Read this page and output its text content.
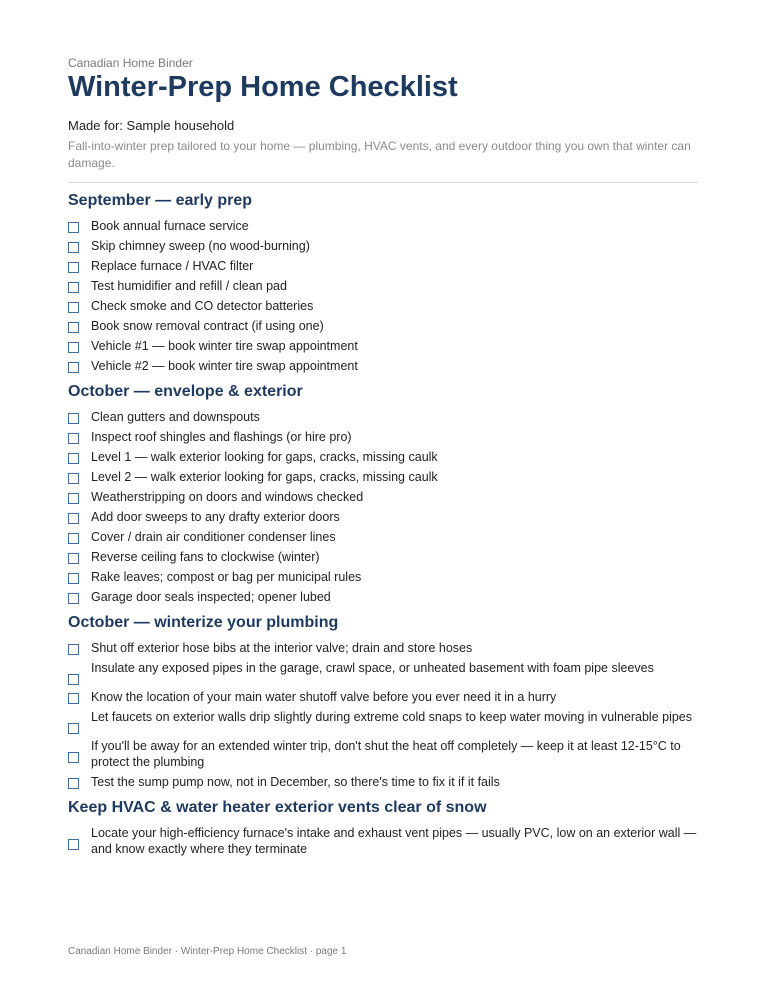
Canadian Home Binder
Winter-Prep Home Checklist
Made for: Sample household
Fall-into-winter prep tailored to your home — plumbing, HVAC vents, and every outdoor thing you own that winter can damage.
September — early prep
Book annual furnace service
Skip chimney sweep (no wood-burning)
Replace furnace / HVAC filter
Test humidifier and refill / clean pad
Check smoke and CO detector batteries
Book snow removal contract (if using one)
Vehicle #1 — book winter tire swap appointment
Vehicle #2 — book winter tire swap appointment
October — envelope & exterior
Clean gutters and downspouts
Inspect roof shingles and flashings (or hire pro)
Level 1 — walk exterior looking for gaps, cracks, missing caulk
Level 2 — walk exterior looking for gaps, cracks, missing caulk
Weatherstripping on doors and windows checked
Add door sweeps to any drafty exterior doors
Cover / drain air conditioner condenser lines
Reverse ceiling fans to clockwise (winter)
Rake leaves; compost or bag per municipal rules
Garage door seals inspected; opener lubed
October — winterize your plumbing
Shut off exterior hose bibs at the interior valve; drain and store hoses
Insulate any exposed pipes in the garage, crawl space, or unheated basement with foam pipe sleeves
Know the location of your main water shutoff valve before you ever need it in a hurry
Let faucets on exterior walls drip slightly during extreme cold snaps to keep water moving in vulnerable pipes
If you'll be away for an extended winter trip, don't shut the heat off completely — keep it at least 12-15°C to protect the plumbing
Test the sump pump now, not in December, so there's time to fix it if it fails
Keep HVAC & water heater exterior vents clear of snow
Locate your high-efficiency furnace's intake and exhaust vent pipes — usually PVC, low on an exterior wall — and know exactly where they terminate
Canadian Home Binder · Winter-Prep Home Checklist · page 1
